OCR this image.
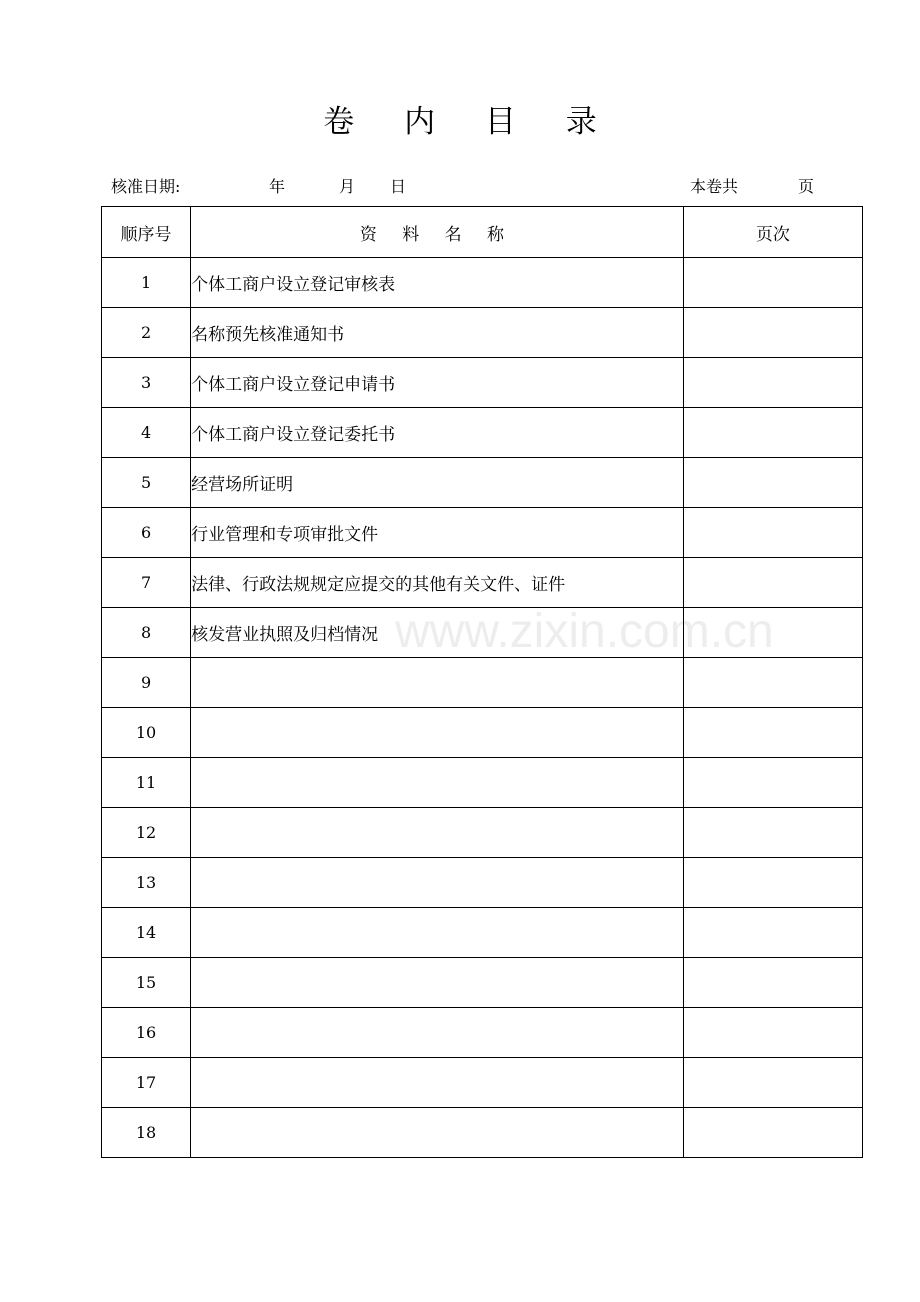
卷 内 目 录
核准日期:	年	月 日	本卷共	页
顺序号	资 料 名 称	页次
1	个体工商户设立登记审核表	
2	名称预先核准通知书	
3	个体工商户设立登记申请书	
4	个体工商户设立登记委托书	
5	经营场所证明	
6	行业管理和专项审批文件	
7	法律、行政法规规定应提交的其他有关文件、证件	
8	核发营业执照及归档情况	
9		
10		
11		
12		
13		
14		
15		
16		
17		
18		
www.zixin.com.cn
